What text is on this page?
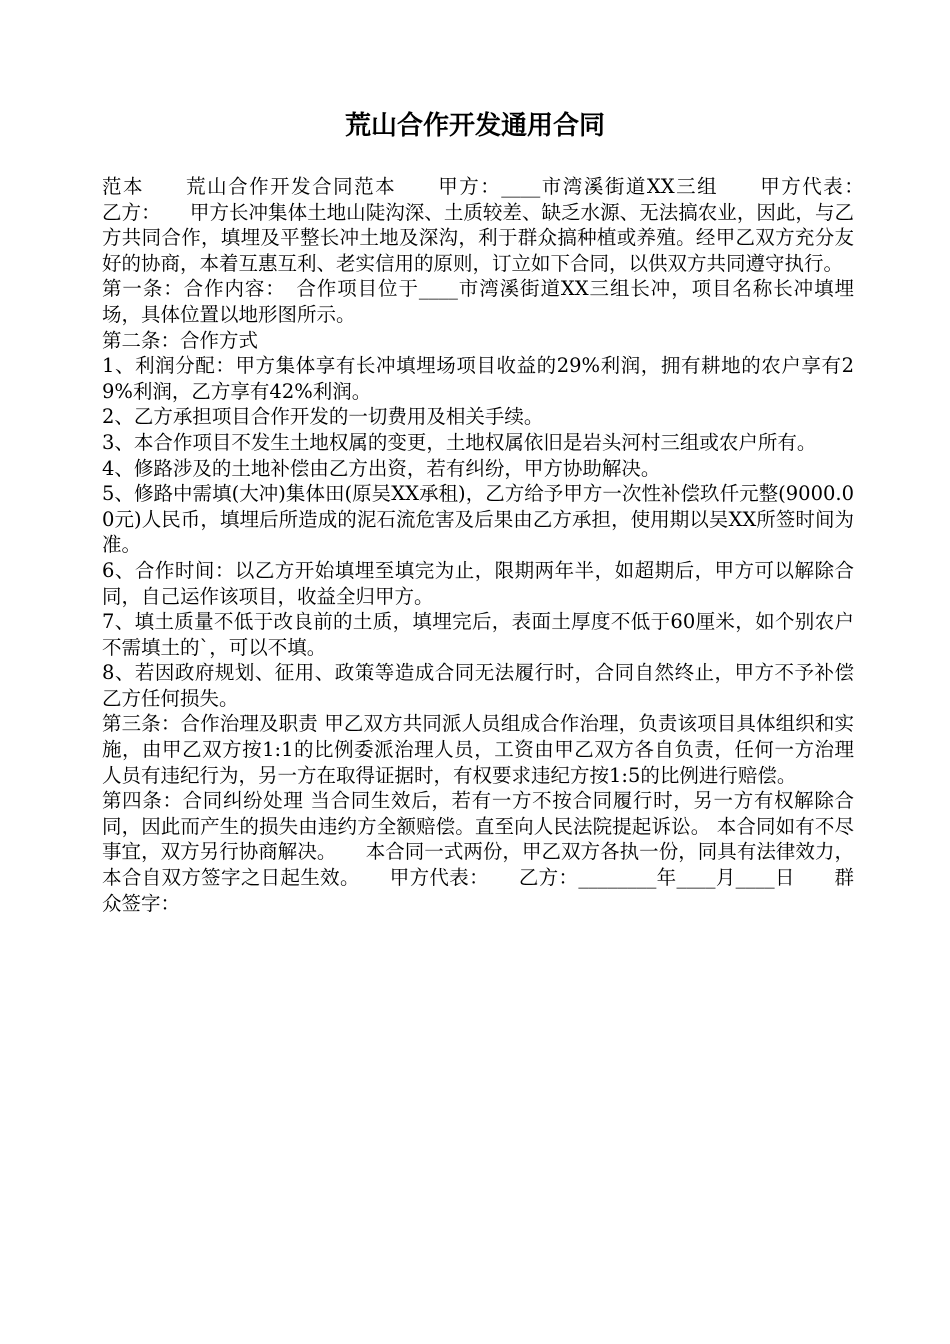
荒山合作开发通用合同

范本　　荒山合作开发合同范本　　甲方：____市湾溪街道XX三组　　甲方代表：　　乙方：　　甲方长冲集体土地山陡沟深、土质较差、缺乏水源、无法搞农业，因此，与乙方共同合作，填埋及平整长冲土地及深沟，利于群众搞种植或养殖。经甲乙双方充分友好的协商，本着互惠互利、老实信用的原则，订立如下合同，以供双方共同遵守执行。

第一条：合作内容：　合作项目位于____市湾溪街道XX三组长冲，项目名称长冲填埋场，具体位置以地形图所示。

第二条：合作方式

1、利润分配：甲方集体享有长冲填埋场项目收益的29%利润，拥有耕地的农户享有29%利润，乙方享有42%利润。

2、乙方承担项目合作开发的一切费用及相关手续。

3、本合作项目不发生土地权属的变更，土地权属依旧是岩头河村三组或农户所有。

4、修路涉及的土地补偿由乙方出资，若有纠纷，甲方协助解决。

5、修路中需填(大冲)集体田(原吴XX承租)，乙方给予甲方一次性补偿玖仟元整(9000.00元)人民币，填埋后所造成的泥石流危害及后果由乙方承担，使用期以吴XX所签时间为准。

6、合作时间：以乙方开始填埋至填完为止，限期两年半，如超期后，甲方可以解除合同，自己运作该项目，收益全归甲方。

7、填土质量不低于改良前的土质，填埋完后，表面土厚度不低于60厘米，如个别农户不需填土的`，可以不填。

8、若因政府规划、征用、政策等造成合同无法履行时，合同自然终止，甲方不予补偿乙方任何损失。

第三条：合作治理及职责 甲乙双方共同派人员组成合作治理，负责该项目具体组织和实施，由甲乙双方按1:1的比例委派治理人员，工资由甲乙双方各自负责，任何一方治理人员有违纪行为，另一方在取得证据时，有权要求违纪方按1:5的比例进行赔偿。

第四条：合同纠纷处理 当合同生效后，若有一方不按合同履行时，另一方有权解除合同，因此而产生的损失由违约方全额赔偿。直至向人民法院提起诉讼。 本合同如有不尽事宜，双方另行协商解决。　　本合同一式两份，甲乙双方各执一份，同具有法律效力，本合自双方签字之日起生效。　　甲方代表：　　乙方：________年____月____日　　群众签字：
